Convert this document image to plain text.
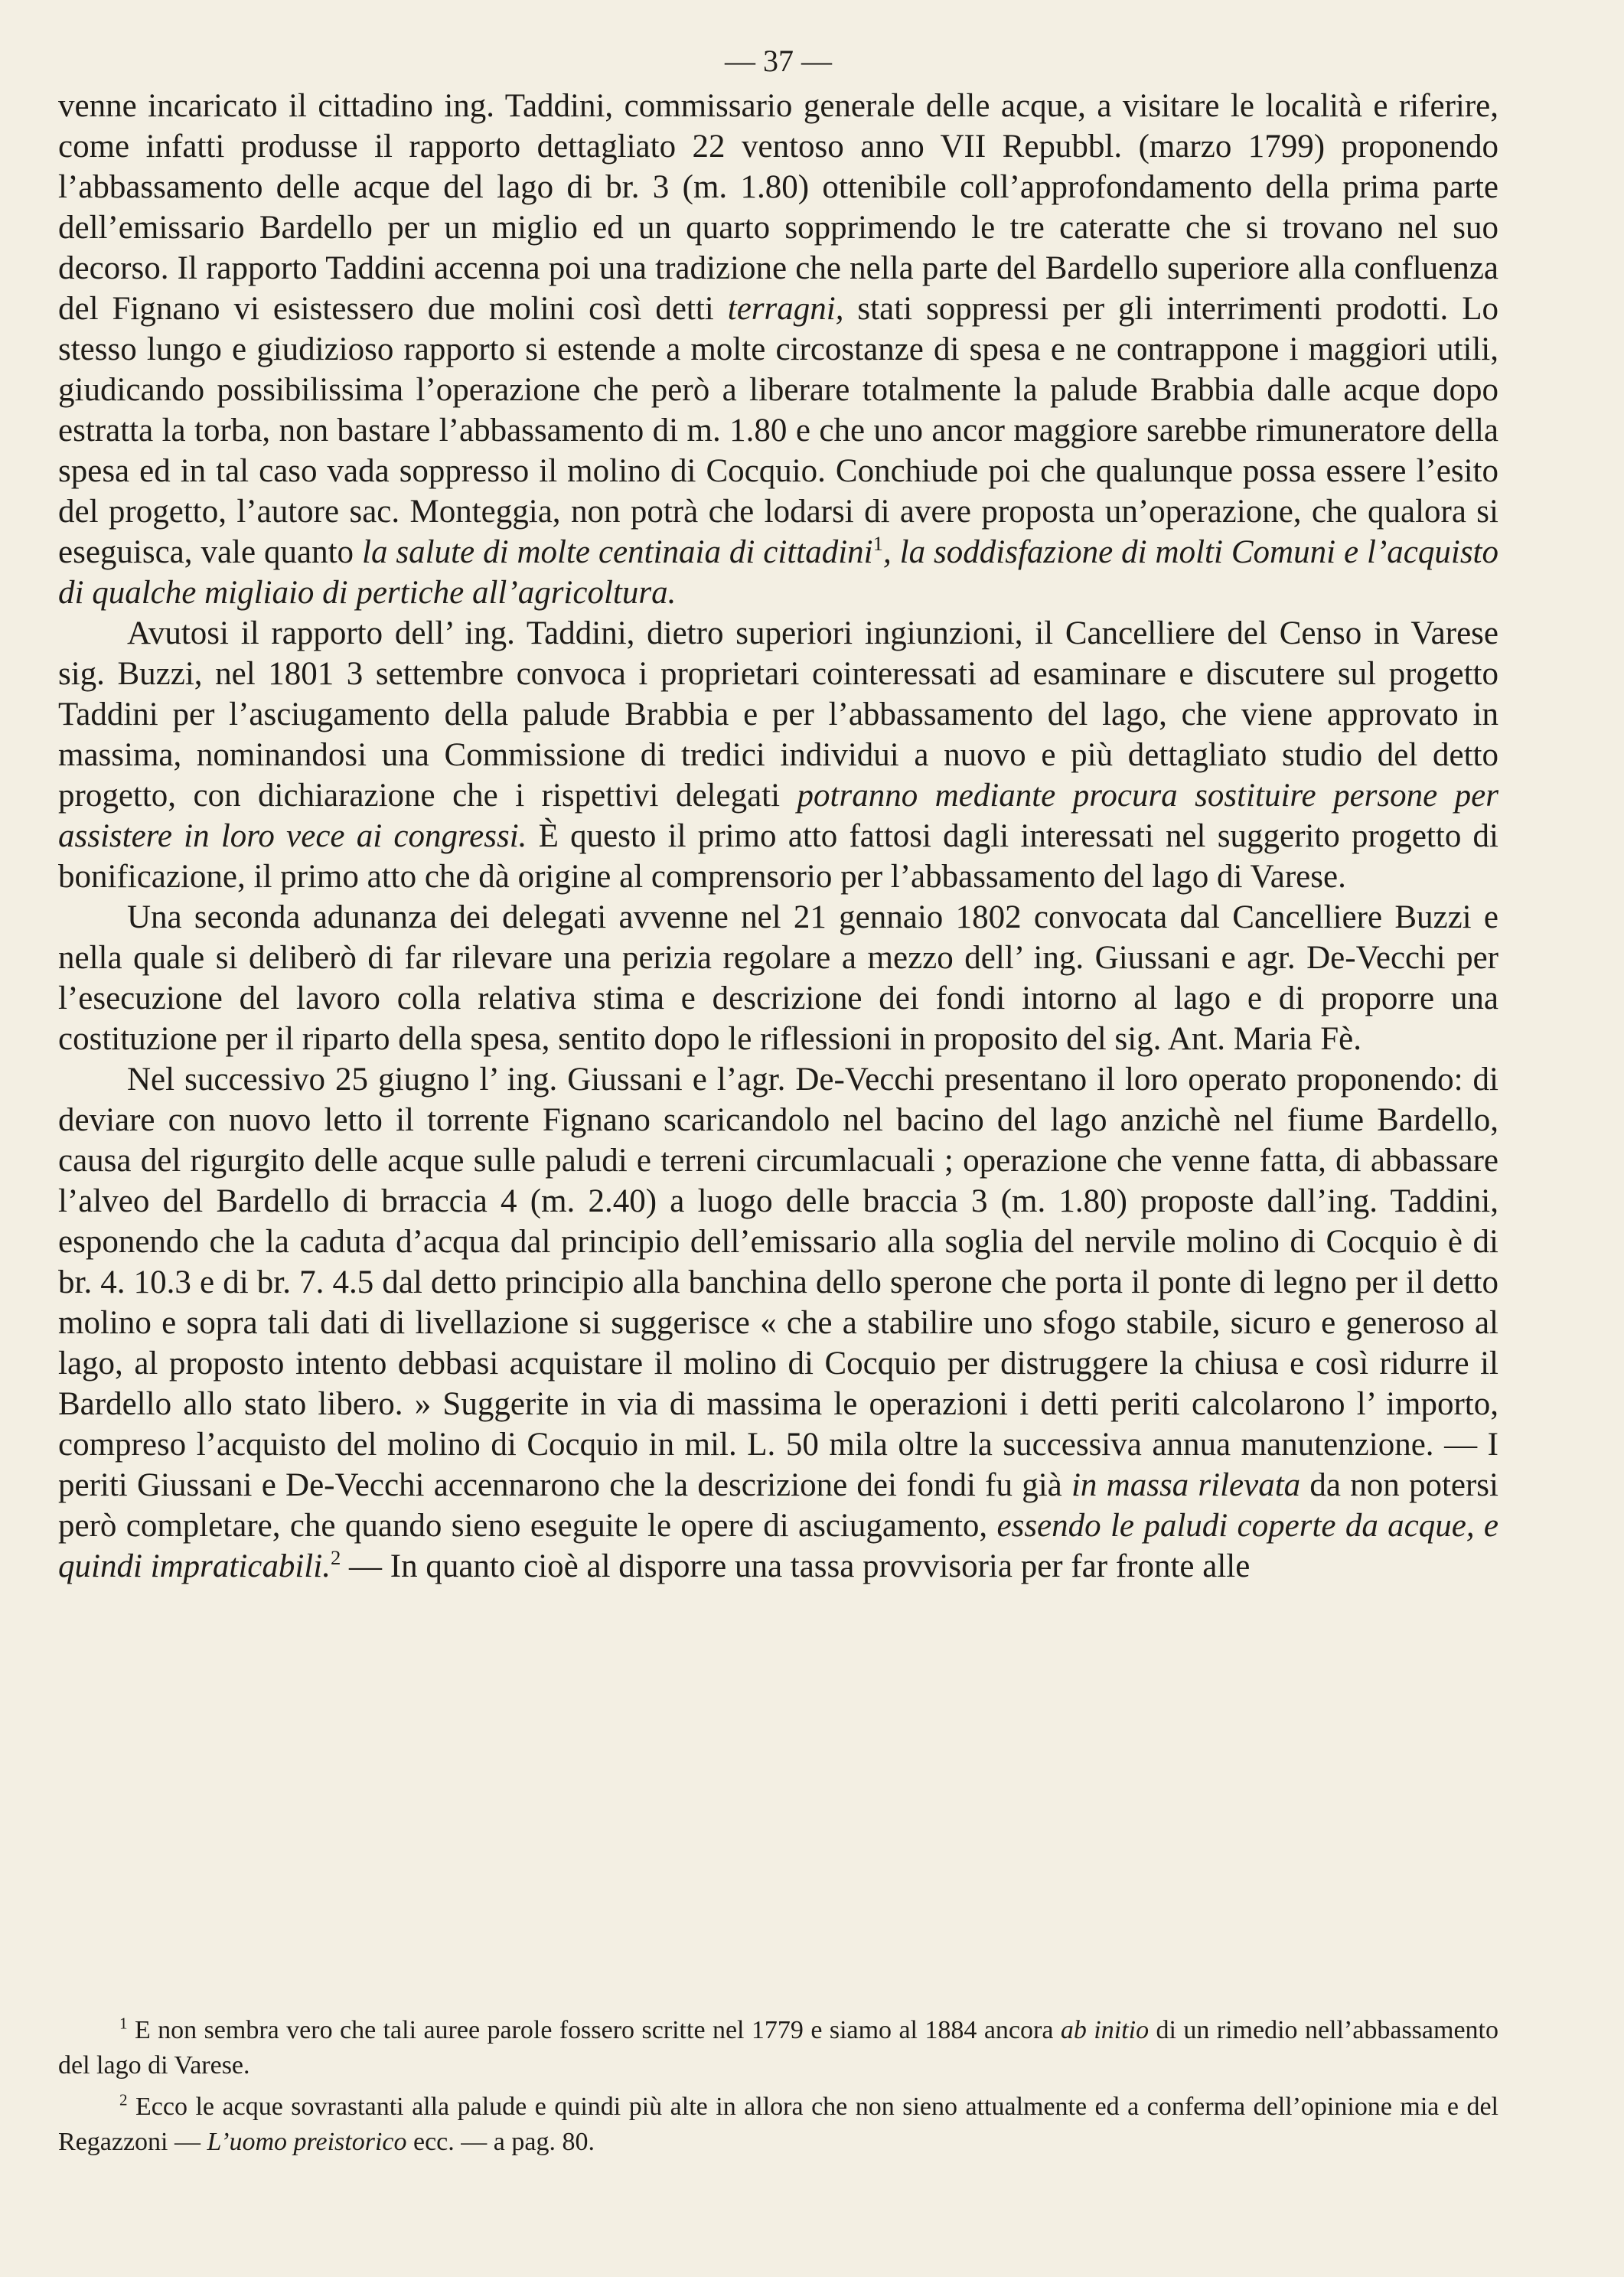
— 37 —

venne incaricato il cittadino ing. Taddini, commissario generale delle acque, a visitare le località e riferire, come infatti produsse il rapporto dettagliato 22 ventoso anno VII Repubbl. (marzo 1799) proponendo l’abbassamento delle acque del lago di br. 3 (m. 1.80) ottenibile coll’approfondamento della prima parte dell’emissario Bardello per un miglio ed un quarto sopprimendo le tre cateratte che si trovano nel suo decorso. Il rapporto Taddini accenna poi una tradizione che nella parte del Bardello superiore alla confluenza del Fignano vi esistessero due molini così detti terragni, stati soppressi per gli interrimenti prodotti. Lo stesso lungo e giudizioso rapporto si estende a molte circostanze di spesa e ne contrappone i maggiori utili, giudicando possibilissima l’operazione che però a liberare totalmente la palude Brabbia dalle acque dopo estratta la torba, non bastare l’abbassamento di m. 1.80 e che uno ancor maggiore sarebbe rimuneratore della spesa ed in tal caso vada soppresso il molino di Cocquio. Conchiude poi che qualunque possa essere l’esito del progetto, l’autore sac. Monteggia, non potrà che lodarsi di avere proposta un’operazione, che qualora si eseguisca, vale quanto la salute di molte centinaia di cittadini$^1$, la soddisfazione di molti Comuni e l’acquisto di qualche migliaio di pertiche all’agricoltura.

Avutosi il rapporto dell’ ing. Taddini, dietro superiori ingiunzioni, il Cancelliere del Censo in Varese sig. Buzzi, nel 1801 3 settembre convoca i proprietari cointeressati ad esaminare e discutere sul progetto Taddini per l’asciugamento della palude Brabbia e per l’abbassamento del lago, che viene approvato in massima, nominandosi una Commissione di tredici individui a nuovo e più dettagliato studio del detto progetto, con dichiarazione che i rispettivi delegati potranno mediante procura sostituire persone per assistere in loro vece ai congressi. È questo il primo atto fattosi dagli interessati nel suggerito progetto di bonificazione, il primo atto che dà origine al comprensorio per l’abbassamento del lago di Varese.

Una seconda adunanza dei delegati avvenne nel 21 gennaio 1802 convocata dal Cancelliere Buzzi e nella quale si deliberò di far rilevare una perizia regolare a mezzo dell’ ing. Giussani e agr. De-Vecchi per l’esecuzione del lavoro colla relativa stima e descrizione dei fondi intorno al lago e di proporre una costituzione per il riparto della spesa, sentito dopo le riflessioni in proposito del sig. Ant. Maria Fè.

Nel successivo 25 giugno l’ ing. Giussani e l’agr. De-Vecchi presentano il loro operato proponendo: di deviare con nuovo letto il torrente Fignano scaricandolo nel bacino del lago anzichè nel fiume Bardello, causa del rigurgito delle acque sulle paludi e terreni circumlacuali ; operazione che venne fatta, di abbassare l’alveo del Bardello di brraccia 4 (m. 2.40) a luogo delle braccia 3 (m. 1.80) proposte dall’ing. Taddini, esponendo che la caduta d’acqua dal principio dell’emissario alla soglia del nervile molino di Cocquio è di br. 4. 10.3 e di br. 7. 4.5 dal detto principio alla banchina dello sperone che porta il ponte di legno per il detto molino e sopra tali dati di livellazione si suggerisce « che a stabilire uno sfogo stabile, sicuro e generoso al lago, al proposto intento debbasi acquistare il molino di Cocquio per distruggere la chiusa e così ridurre il Bardello allo stato libero. » Suggerite in via di massima le operazioni i detti periti calcolarono l’ importo, compreso l’acquisto del molino di Cocquio in mil. L. 50 mila oltre la successiva annua manutenzione. — I periti Giussani e De-Vecchi accennarono che la descrizione dei fondi fu già in massa rilevata da non potersi però completare, che quando sieno eseguite le opere di asciugamento, essendo le paludi coperte da acque, e quindi impraticabili.$^2$ — In quanto cioè al disporre una tassa provvisoria per far fronte alle

$^1$ E non sembra vero che tali auree parole fossero scritte nel 1779 e siamo al 1884 ancora ab initio di un rimedio nell’abbassamento del lago di Varese.

$^2$ Ecco le acque sovrastanti alla palude e quindi più alte in allora che non sieno attualmente ed a conferma dell’opinione mia e del Regazzoni — L’uomo preistorico ecc. — a pag. 80.
